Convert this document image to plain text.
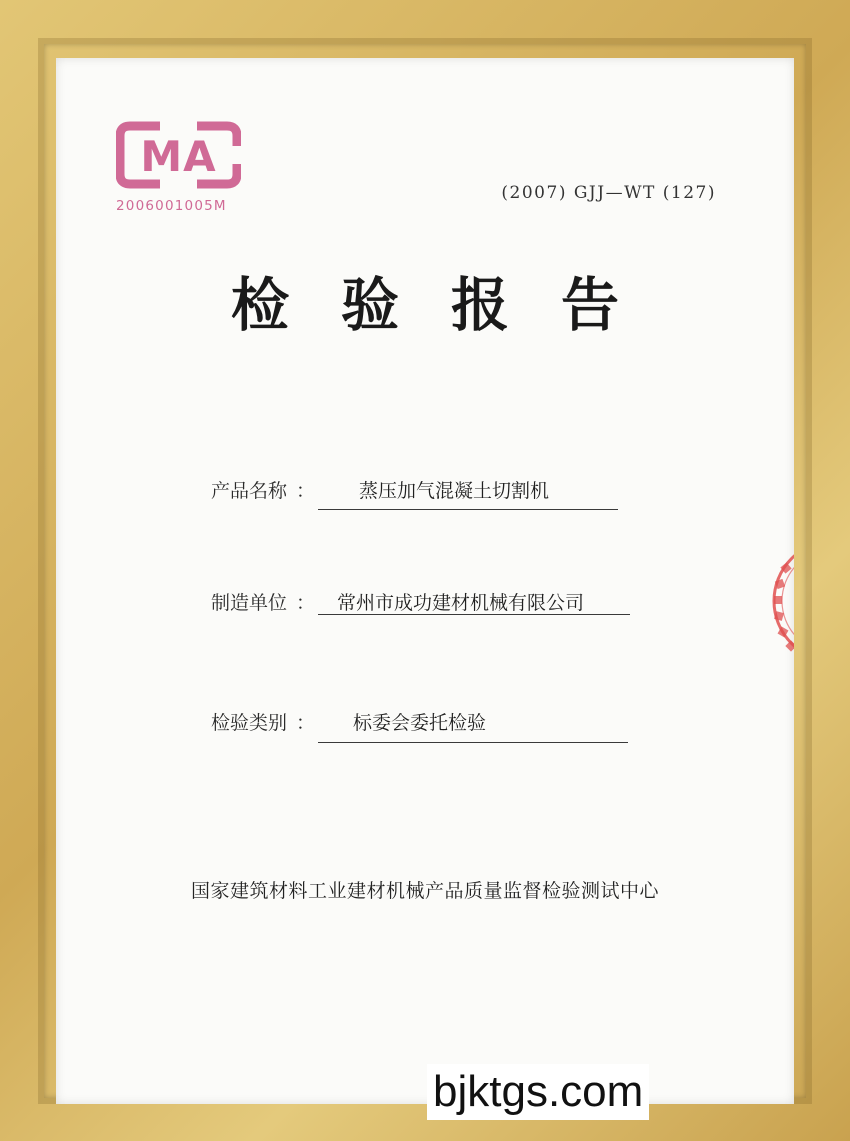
MA
2006001005M
(2007) GJJ—WT (127)
检验报告
产品名称 ： 蒸压加气混凝土切割机
制造单位 ： 常州市成功建材机械有限公司
检验类别 ： 标委会委托检验
国家建筑材料工业建材机械产品质量监督检验测试中心
bjktgs.com
